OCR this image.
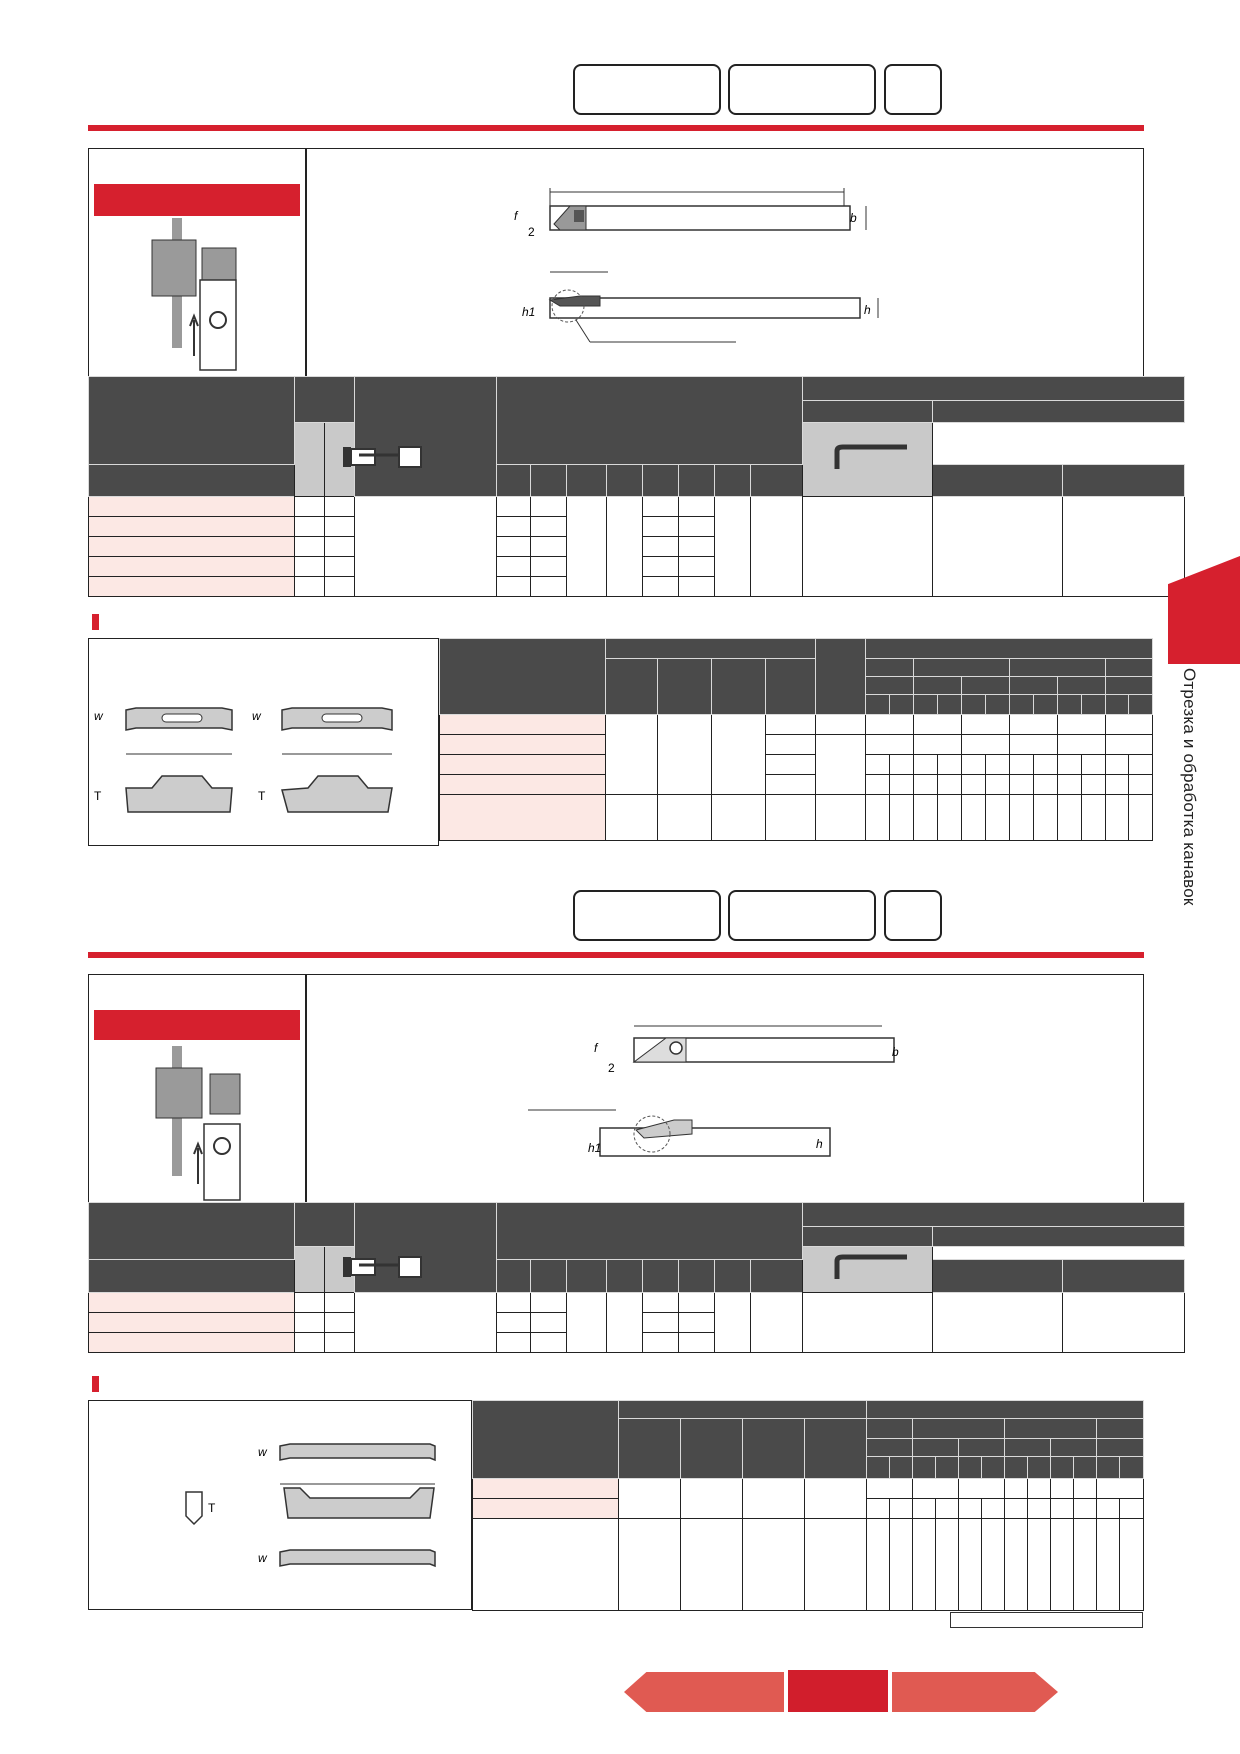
f
2
b
h1	h

w
T
w
T

																		Отрезка и обработка канавок
f
2
b
h1	h

w
T
w
